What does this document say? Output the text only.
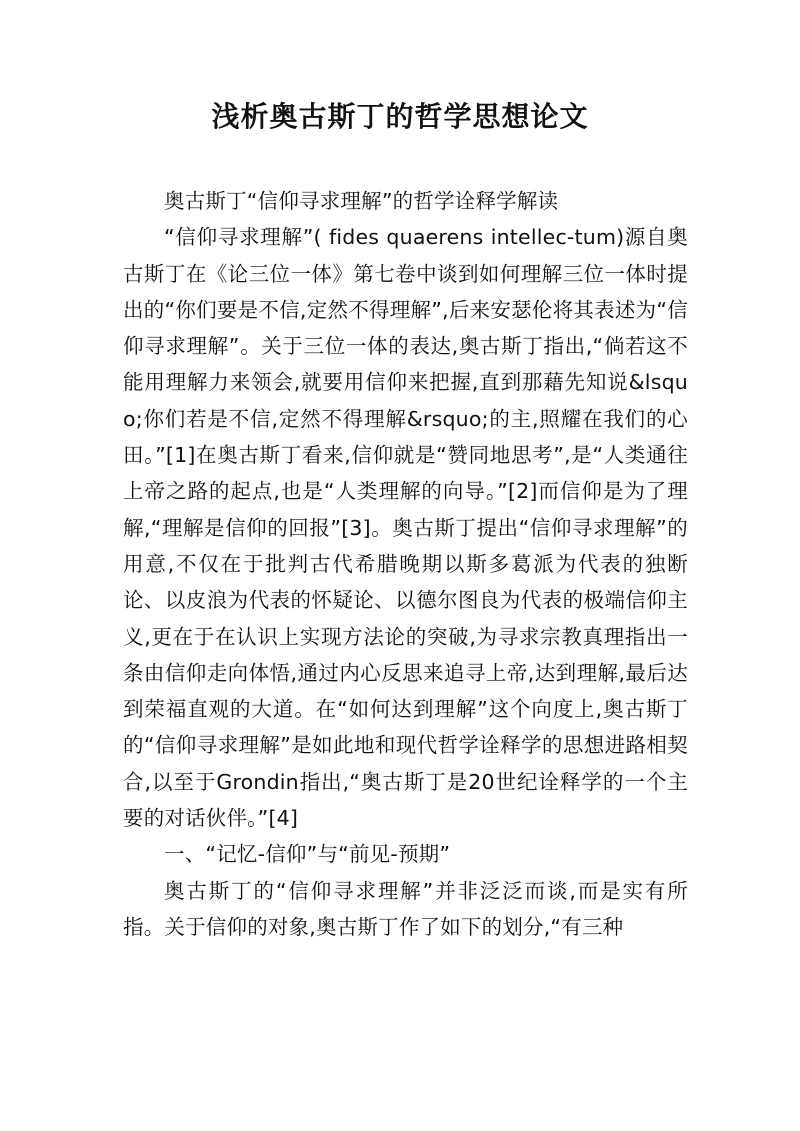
浅析奥古斯丁的哲学思想论文

奥古斯丁“信仰寻求理解”的哲学诠释学解读

“信仰寻求理解”( fides quaerens intellec-tum)源自奥古斯丁在《论三位一体》第七卷中谈到如何理解三位一体时提出的“你们要是不信,定然不得理解”,后来安瑟伦将其表述为“信仰寻求理解”。关于三位一体的表达,奥古斯丁指出,“倘若这不能用理解力来领会,就要用信仰来把握,直到那藉先知说&lsquo;你们若是不信,定然不得理解&rsquo;的主,照耀在我们的心田。”[1]在奥古斯丁看来,信仰就是“赞同地思考”,是“人类通往上帝之路的起点,也是“人类理解的向导。”[2]而信仰是为了理解,“理解是信仰的回报”[3]。奥古斯丁提出“信仰寻求理解”的用意,不仅在于批判古代希腊晚期以斯多葛派为代表的独断论、以皮浪为代表的怀疑论、以德尔图良为代表的极端信仰主义,更在于在认识上实现方法论的突破,为寻求宗教真理指出一条由信仰走向体悟,通过内心反思来追寻上帝,达到理解,最后达到荣福直观的大道。在“如何达到理解”这个向度上,奥古斯丁的“信仰寻求理解”是如此地和现代哲学诠释学的思想进路相契合,以至于Grondin指出,“奥古斯丁是20世纪诠释学的一个主要的对话伙伴。”[4]

一、“记忆-信仰”与“前见-预期”

奥古斯丁的“信仰寻求理解”并非泛泛而谈,而是实有所指。关于信仰的对象,奥古斯丁作了如下的划分,“有三种
